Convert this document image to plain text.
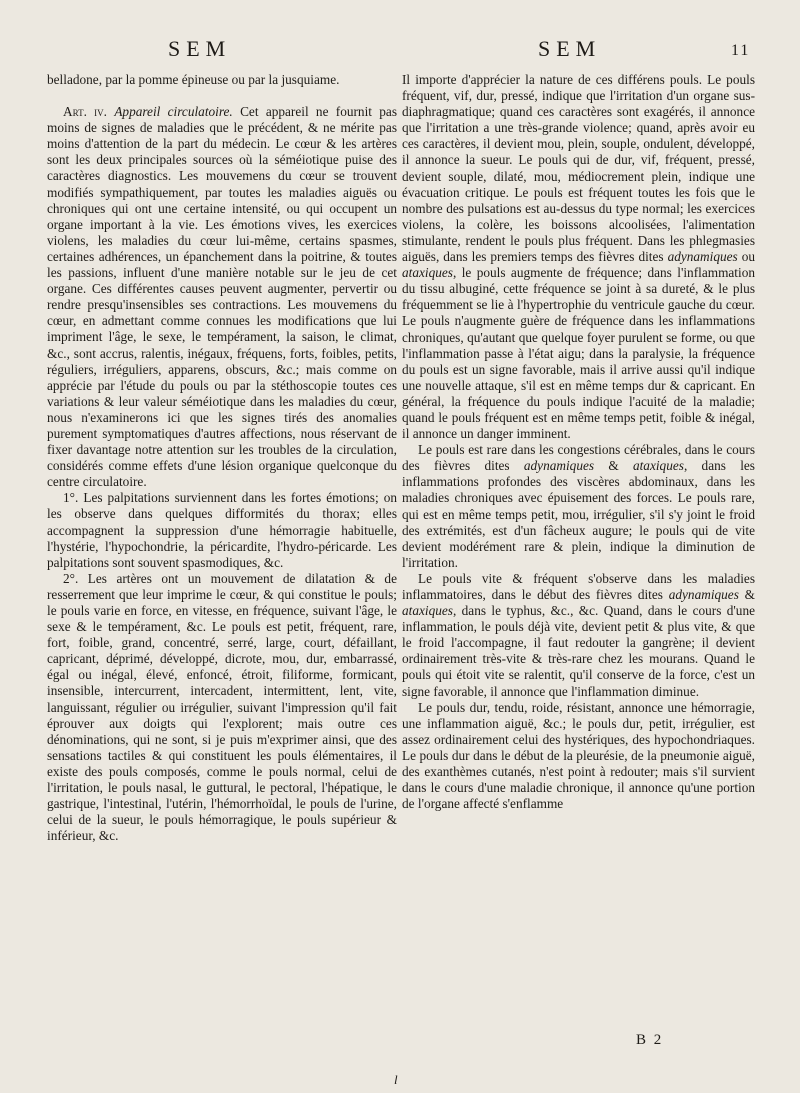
SEM	SEM	11

belladone, par la pomme épineuse ou par la jusquiame.

Art. iv. Appareil circulatoire. Cet appareil ne fournit pas moins de signes de maladies que le précédent, & ne mérite pas moins d'attention de la part du médecin. Le cœur & les artères sont les deux principales sources où la séméiotique puise des caractères diagnostics. Les mouvemens du cœur se trouvent modifiés sympathiquement, par toutes les maladies aiguës ou chroniques qui ont une certaine intensité, ou qui occupent un organe important à la vie. Les émotions vives, les exercices violens, les maladies du cœur lui-même, certains spasmes, certaines adhérences, un épanchement dans la poitrine, & toutes les passions, influent d'une manière notable sur le jeu de cet organe. Ces différentes causes peuvent augmenter, pervertir ou rendre presqu'insensibles ses contractions. Les mouvemens du cœur, en admettant comme connues les modifications que lui impriment l'âge, le sexe, le tempérament, la saison, le climat, &c., sont accrus, ralentis, inégaux, fréquens, forts, foibles, petits, réguliers, irréguliers, apparens, obscurs, &c.; mais comme on apprécie par l'étude du pouls ou par la stéthoscopie toutes ces variations & leur valeur séméiotique dans les maladies du cœur, nous n'examinerons ici que les signes tirés des anomalies purement symptomatiques d'autres affections, nous réservant de fixer davantage notre attention sur les troubles de la circulation, considérés comme effets d'une lésion organique quelconque du centre circulatoire.

1°. Les palpitations surviennent dans les fortes émotions; on les observe dans quelques difformités du thorax; elles accompagnent la suppression d'une hémorragie habituelle, l'hystérie, l'hypochondrie, la péricardite, l'hydro-péricarde. Les palpitations sont souvent spasmodiques, &c.

2°. Les artères ont un mouvement de dilatation & de resserrement que leur imprime le cœur, & qui constitue le pouls; le pouls varie en force, en vitesse, en fréquence, suivant l'âge, le sexe & le tempérament, &c. Le pouls est petit, fréquent, rare, fort, foible, grand, concentré, serré, large, court, défaillant, capricant, déprimé, développé, dicrote, mou, dur, embarrassé, égal ou inégal, élevé, enfoncé, étroit, filiforme, formicant, insensible, intercurrent, intercadent, intermittent, lent, vite, languissant, régulier ou irrégulier, suivant l'impression qu'il fait éprouver aux doigts qui l'explorent; mais outre ces dénominations, qui ne sont, si je puis m'exprimer ainsi, que des sensations tactiles & qui constituent les pouls élémentaires, il existe des pouls composés, comme le pouls normal, celui de l'irritation, le pouls nasal, le guttural, le pectoral, l'hépatique, le gastrique, l'intestinal, l'utérin, l'hémorrhoïdal, le pouls de l'urine, celui de la sueur, le pouls hémorragique, le pouls supérieur & inférieur, &c.

Il importe d'apprécier la nature de ces différens pouls. Le pouls fréquent, vif, dur, pressé, indique que l'irritation d'un organe sus-diaphragmatique; quand ces caractères sont exagérés, il annonce que l'irritation a une très-grande violence; quand, après avoir eu ces caractères, il devient mou, plein, souple, ondulent, développé, il annonce la sueur. Le pouls qui de dur, vif, fréquent, pressé, devient souple, dilaté, mou, médiocrement plein, indique une évacuation critique. Le pouls est fréquent toutes les fois que le nombre des pulsations est au-dessus du type normal; les exercices violens, la colère, les boissons alcoolisées, l'alimentation stimulante, rendent le pouls plus fréquent. Dans les phlegmasies aiguës, dans les premiers temps des fièvres dites adynamiques ou ataxiques, le pouls augmente de fréquence; dans l'inflammation du tissu albuginé, cette fréquence se joint à sa dureté, & le plus fréquemment se lie à l'hypertrophie du ventricule gauche du cœur. Le pouls n'augmente guère de fréquence dans les inflammations chroniques, qu'autant que quelque foyer purulent se forme, ou que l'inflammation passe à l'état aigu; dans la paralysie, la fréquence du pouls est un signe favorable, mais il arrive aussi qu'il indique une nouvelle attaque, s'il est en même temps dur & capricant. En général, la fréquence du pouls indique l'acuité de la maladie; quand le pouls fréquent est en même temps petit, foible & inégal, il annonce un danger imminent.

Le pouls est rare dans les congestions cérébrales, dans le cours des fièvres dites adynamiques & ataxiques, dans les inflammations profondes des viscères abdominaux, dans les maladies chroniques avec épuisement des forces. Le pouls rare, qui est en même temps petit, mou, irrégulier, s'il s'y joint le froid des extrémités, est d'un fâcheux augure; le pouls qui de vite devient modérément rare & plein, indique la diminution de l'irritation.

Le pouls vite & fréquent s'observe dans les maladies inflammatoires, dans le début des fièvres dites adynamiques & ataxiques, dans le typhus, &c., &c. Quand, dans le cours d'une inflammation, le pouls déjà vite, devient petit & plus vite, & que le froid l'accompagne, il faut redouter la gangrène; il devient ordinairement très-vite & très-rare chez les mourans. Quand le pouls qui étoit vite se ralentit, qu'il conserve de la force, c'est un signe favorable, il annonce que l'inflammation diminue.

Le pouls dur, tendu, roide, résistant, annonce une hémorragie, une inflammation aiguë, &c.; le pouls dur, petit, irrégulier, est assez ordinairement celui des hystériques, des hypochondriaques. Le pouls dur dans le début de la pleurésie, de la pneumonie aiguë, des exanthèmes cutanés, n'est point à redouter; mais s'il survient dans le cours d'une maladie chronique, il annonce qu'une portion de l'organe affecté s'enflamme

B 2
l
